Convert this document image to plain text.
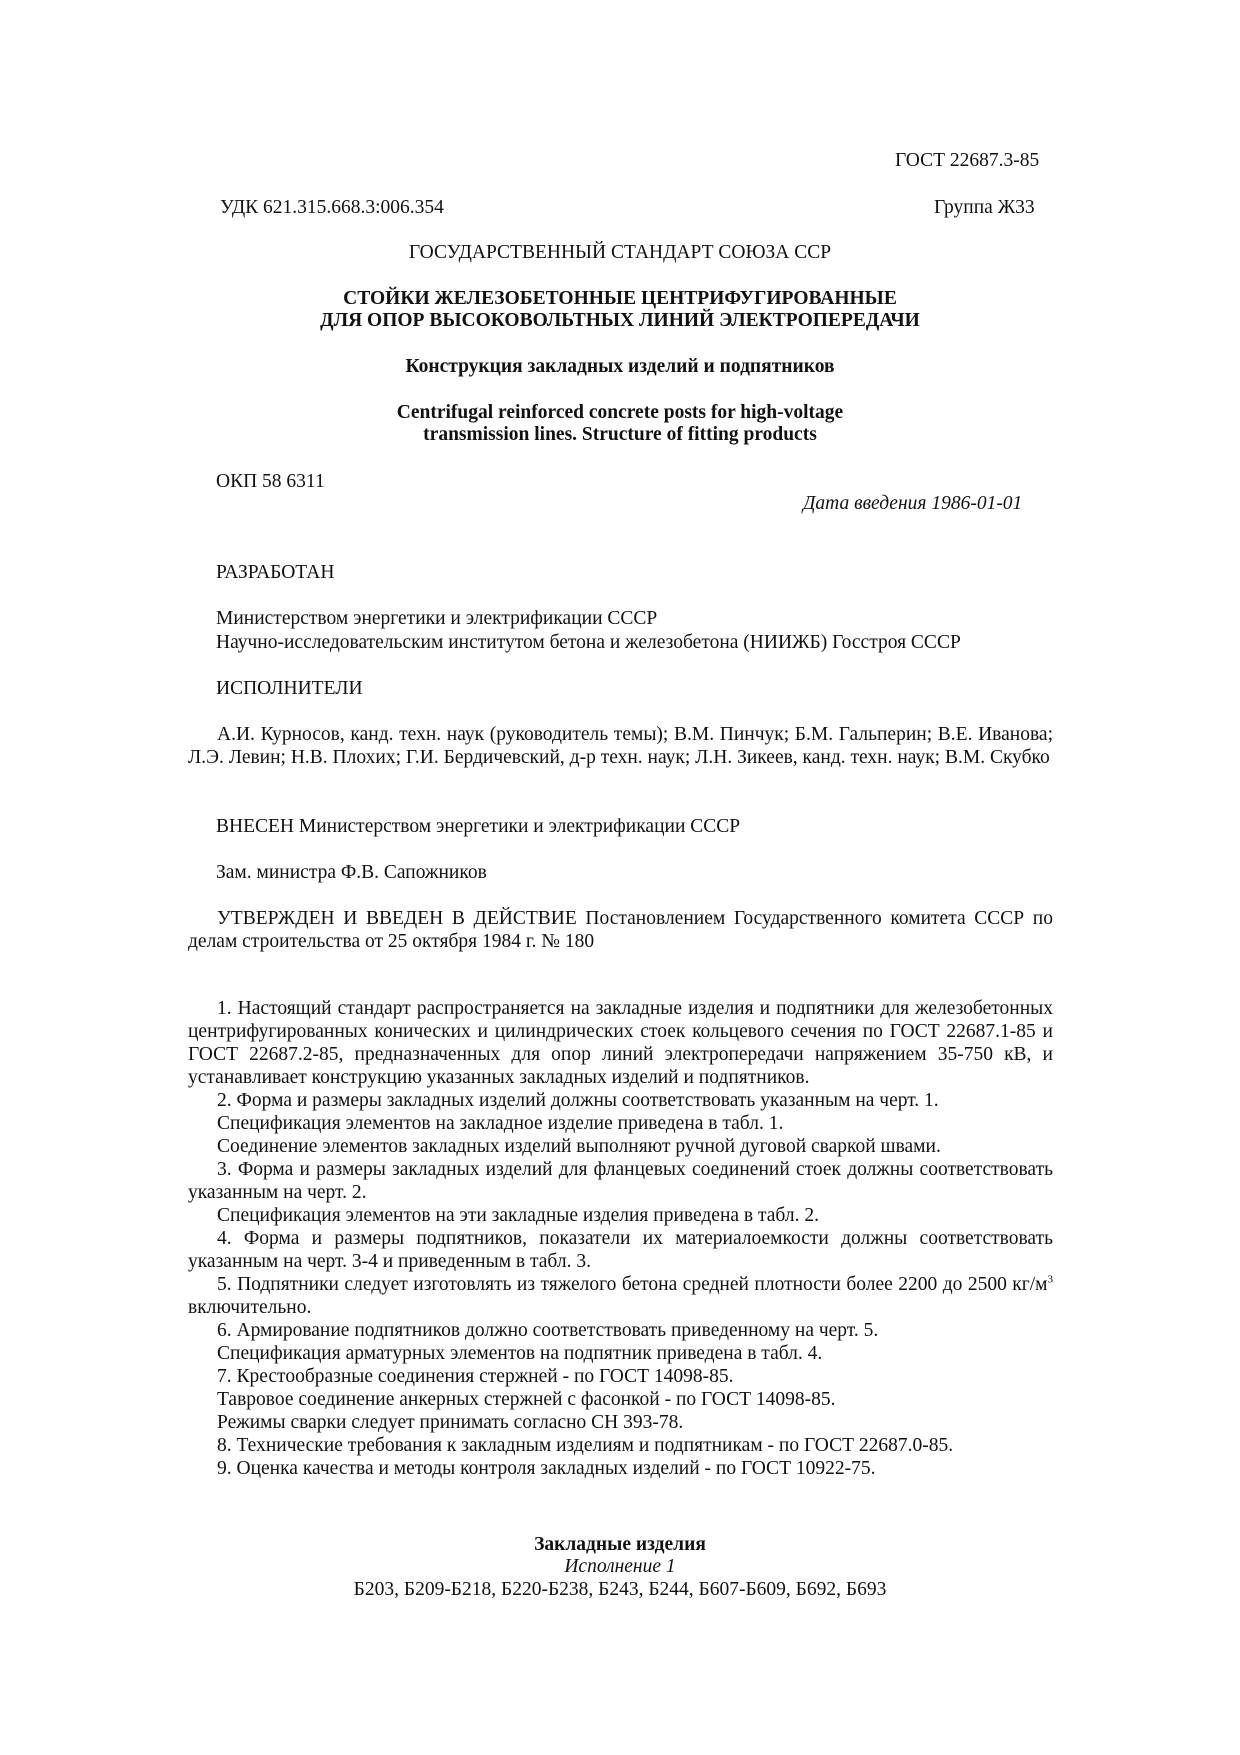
ГОСТ 22687.3-85
УДК 621.315.668.3:006.354	Группа Ж33
ГОСУДАРСТВЕННЫЙ СТАНДАРТ СОЮЗА ССР
СТОЙКИ ЖЕЛЕЗОБЕТОННЫЕ ЦЕНТРИФУГИРОВАННЫЕ
ДЛЯ ОПОР ВЫСОКОВОЛЬТНЫХ ЛИНИЙ ЭЛЕКТРОПЕРЕДАЧИ
Конструкция закладных изделий и подпятников
Centrifugal reinforced concrete posts for high-voltage
transmission lines. Structure of fitting products
ОКП 58 6311
Дата введения 1986-01-01
РАЗРАБОТАН
Министерством энергетики и электрификации СССР
Научно-исследовательским институтом бетона и железобетона (НИИЖБ) Госстроя СССР
ИСПОЛНИТЕЛИ
А.И. Курносов, канд. техн. наук (руководитель темы); В.М. Пинчук; Б.М. Гальперин; В.Е. Иванова; Л.Э. Левин; Н.В. Плохих; Г.И. Бердичевский, д-р техн. наук; Л.Н. Зикеев, канд. техн. наук; В.М. Скубко
ВНЕСЕН Министерством энергетики и электрификации СССР
Зам. министра Ф.В. Сапожников
УТВЕРЖДЕН И ВВЕДЕН В ДЕЙСТВИЕ Постановлением Государственного комитета СССР по делам строительства от 25 октября 1984 г. № 180
1. Настоящий стандарт распространяется на закладные изделия и подпятники для железобетонных центрифугированных конических и цилиндрических стоек кольцевого сечения по ГОСТ 22687.1-85 и ГОСТ 22687.2-85, предназначенных для опор линий электропередачи напряжением 35-750 кВ, и устанавливает конструкцию указанных закладных изделий и подпятников.
2. Форма и размеры закладных изделий должны соответствовать указанным на черт. 1.
Спецификация элементов на закладное изделие приведена в табл. 1.
Соединение элементов закладных изделий выполняют ручной дуговой сваркой швами.
3. Форма и размеры закладных изделий для фланцевых соединений стоек должны соответствовать указанным на черт. 2.
Спецификация элементов на эти закладные изделия приведена в табл. 2.
4. Форма и размеры подпятников, показатели их материалоемкости должны соответствовать указанным на черт. 3-4 и приведенным в табл. 3.
5. Подпятники следует изготовлять из тяжелого бетона средней плотности более 2200 до 2500 $кг/м^3$ включительно.
6. Армирование подпятников должно соответствовать приведенному на черт. 5.
Спецификация арматурных элементов на подпятник приведена в табл. 4.
7. Крестообразные соединения стержней - по ГОСТ 14098-85.
Тавровое соединение анкерных стержней с фасонкой - по ГОСТ 14098-85.
Режимы сварки следует принимать согласно СН 393-78.
8. Технические требования к закладным изделиям и подпятникам - по ГОСТ 22687.0-85.
9. Оценка качества и методы контроля закладных изделий - по ГОСТ 10922-75.
Закладные изделия
Исполнение 1
Б203, Б209-Б218, Б220-Б238, Б243, Б244, Б607-Б609, Б692, Б693
